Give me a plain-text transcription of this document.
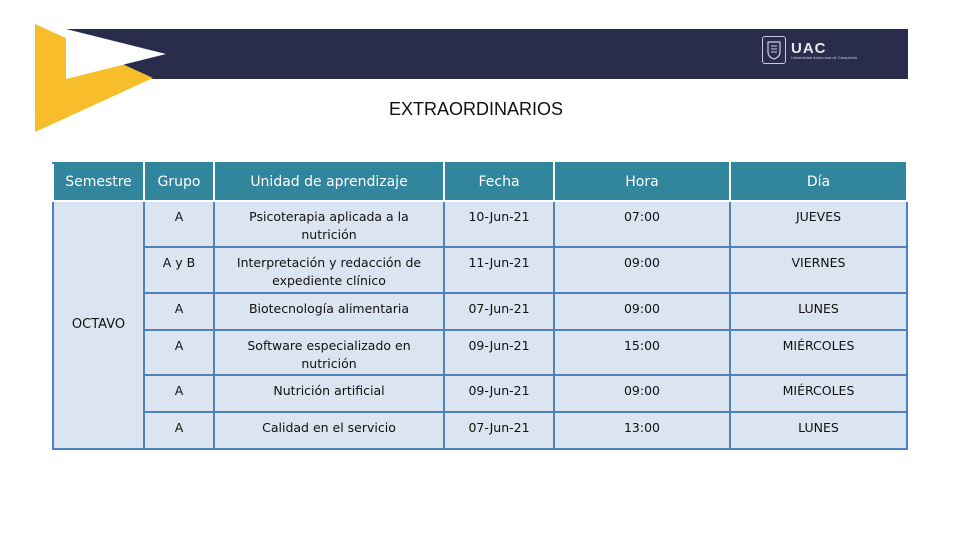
UAC
Universidad Autónoma de Campeche
EXTRAORDINARIOS
Semestre	Grupo	Unidad de aprendizaje	Fecha	Hora	Día
OCTAVO	A	Psicoterapia aplicada a la nutrición	10-Jun-21	07:00	JUEVES
	A y B	Interpretación y redacción de expediente clínico	11-Jun-21	09:00	VIERNES
	A	Biotecnología alimentaria	07-Jun-21	09:00	LUNES
	A	Software especializado en nutrición	09-Jun-21	15:00	MIÉRCOLES
	A	Nutrición artificial	09-Jun-21	09:00	MIÉRCOLES
	A	Calidad en el servicio	07-Jun-21	13:00	LUNES
